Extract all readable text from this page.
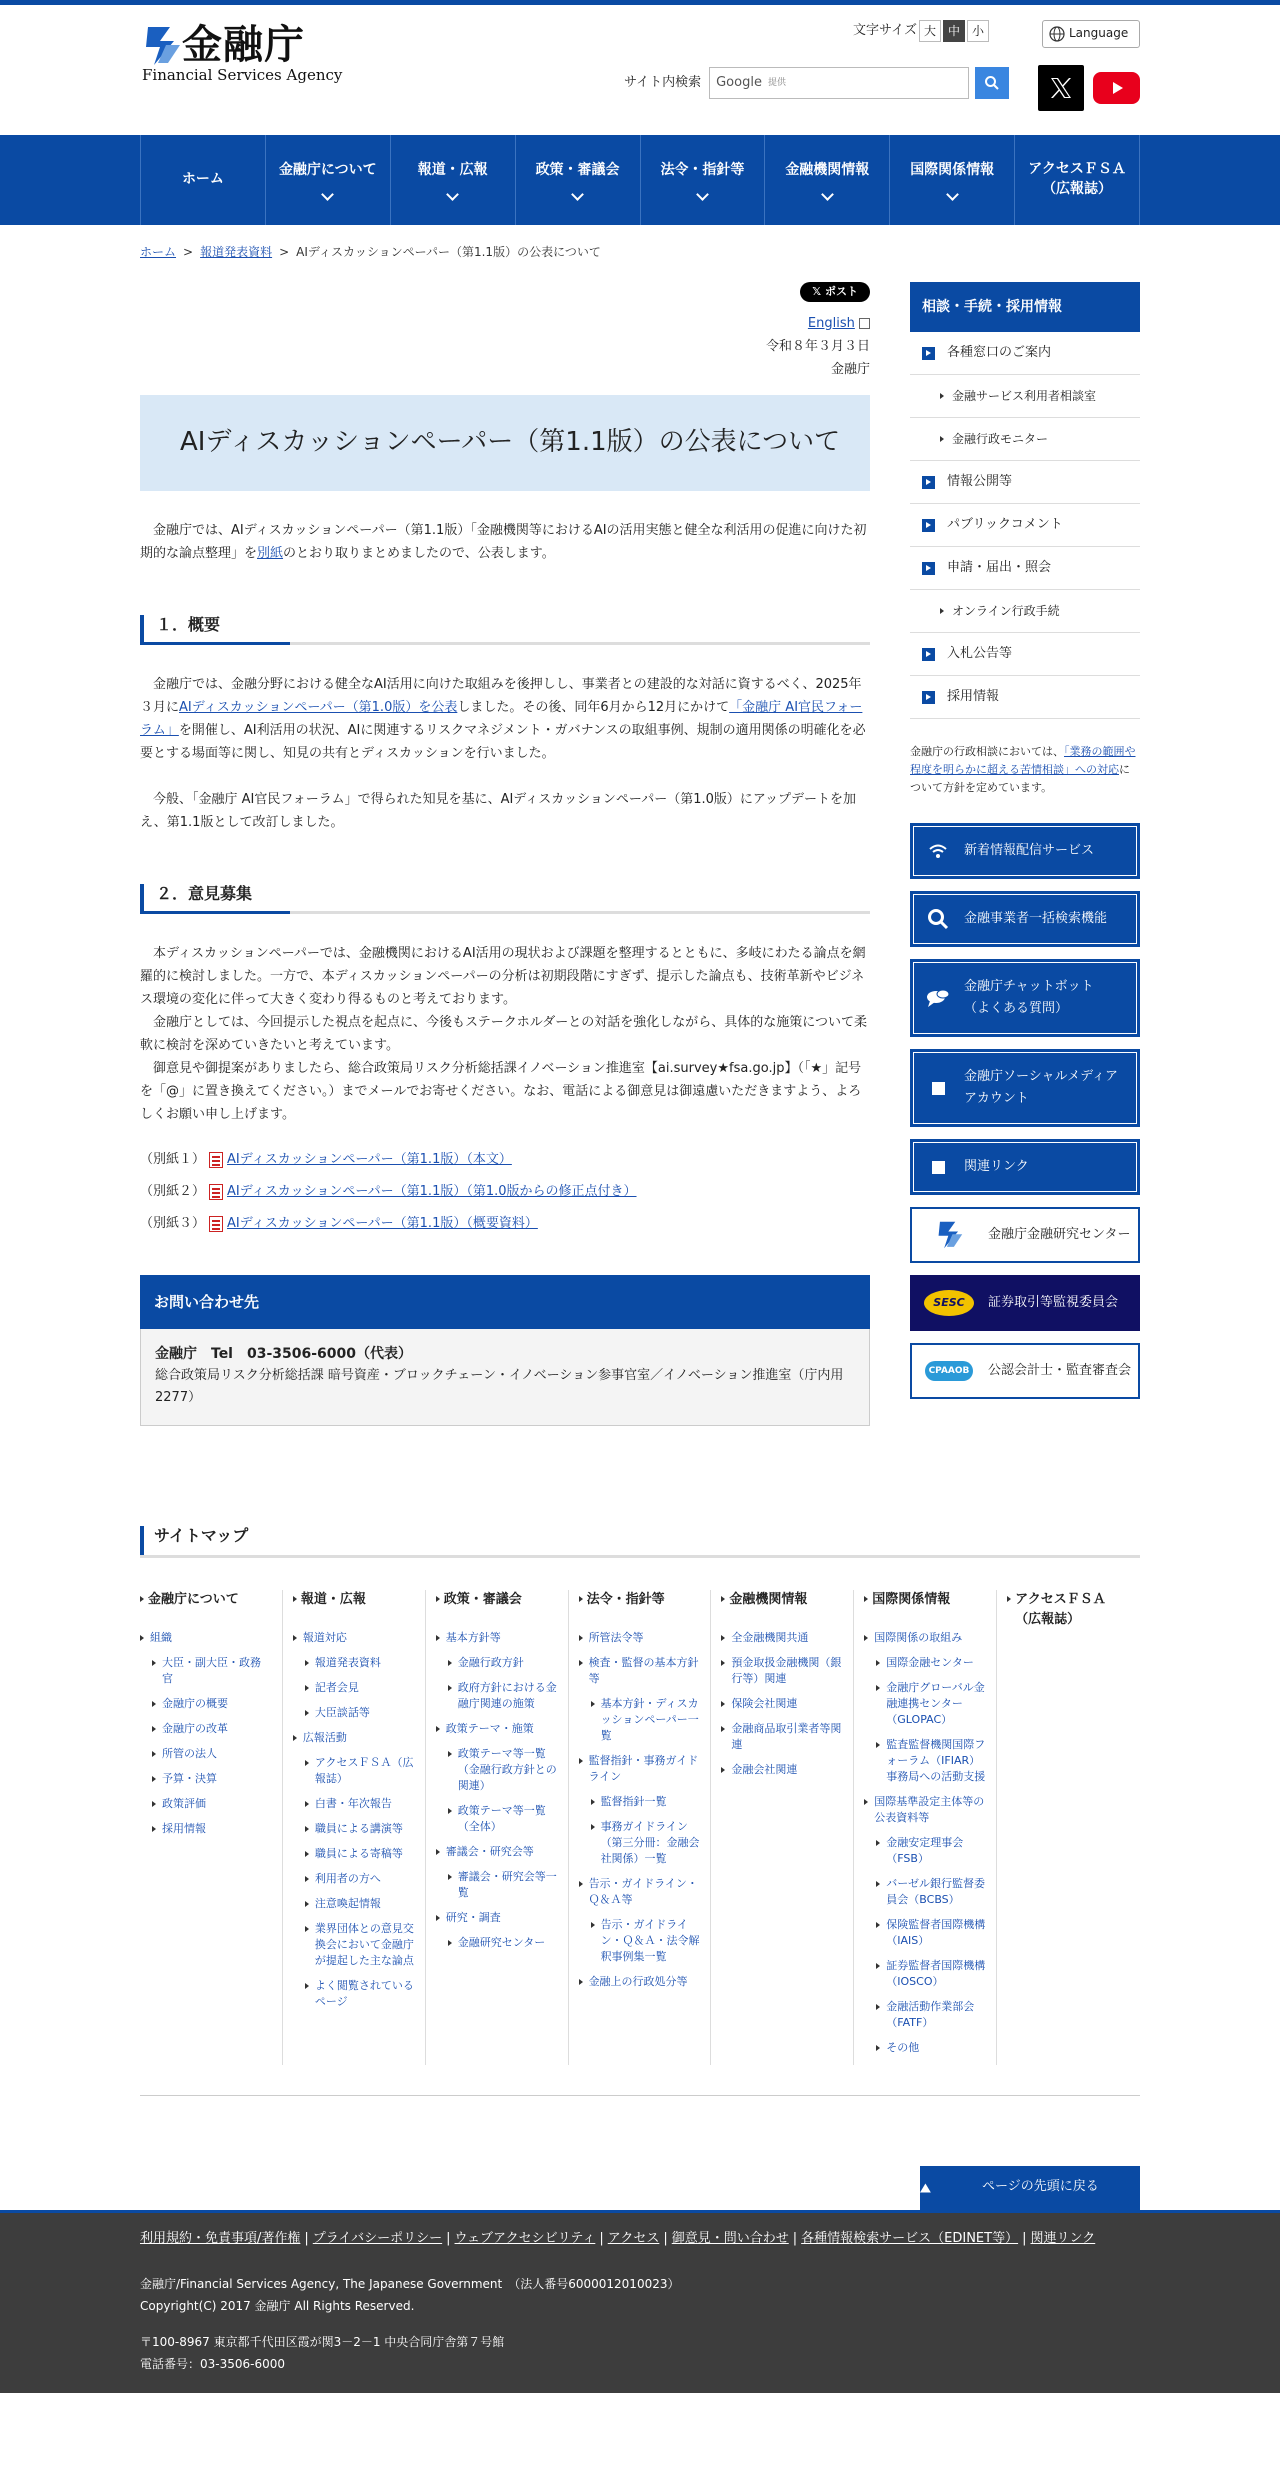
金融庁
Financial Services Agency
文字サイズ 大 中 小	Language
サイト内検索 Google 提供
ホーム
金融庁について	報道・広報	政策・審議会	法令・指針等	金融機関情報	国際関係情報 アクセスＦＳＡ
（広報誌）
ホーム > 報道発表資料 > AIディスカッションペーパー（第1.1版）の公表について
𝕏 ポスト
English
令和８年３月３日
金融庁
AIディスカッションペーパー（第1.1版）の公表について

金融庁では、AIディスカッションペーパー（第1.1版）「金融機関等におけるAIの活用実態と健全な利活用の促進に向けた初期的な論点整理」を別紙のとおり取りまとめましたので、公表します。

１．概要

金融庁では、金融分野における健全なAI活用に向けた取組みを後押しし、事業者との建設的な対話に資するべく、2025年３月にAIディスカッションペーパー（第1.0版）を公表しました。その後、同年6月から12月にかけて「金融庁 AI官民フォーラム」を開催し、AI利活用の状況、AIに関連するリスクマネジメント・ガバナンスの取組事例、規制の適用関係の明確化を必要とする場面等に関し、知見の共有とディスカッションを行いました。

今般、「金融庁 AI官民フォーラム」で得られた知見を基に、AIディスカッションペーパー（第1.0版）にアップデートを加え、第1.1版として改訂しました。

２．意見募集

本ディスカッションペーパーでは、金融機関におけるAI活用の現状および課題を整理するとともに、多岐にわたる論点を網羅的に検討しました。一方で、本ディスカッションペーパーの分析は初期段階にすぎず、提示した論点も、技術革新やビジネス環境の変化に伴って大きく変わり得るものと考えております。

金融庁としては、今回提示した視点を起点に、今後もステークホルダーとの対話を強化しながら、具体的な施策について柔軟に検討を深めていきたいと考えています。

御意見や御提案がありましたら、総合政策局リスク分析総括課イノベーション推進室【ai.survey★fsa.go.jp】（「★」記号を「@」に置き換えてください。）までメールでお寄せください。なお、電話による御意見は御遠慮いただきますよう、よろしくお願い申し上げます。

（別紙１） AIディスカッションペーパー（第1.1版）（本文）
（別紙２） AIディスカッションペーパー（第1.1版）（第1.0版からの修正点付き）
（別紙３） AIディスカッションペーパー（第1.1版）（概要資料）
お問い合わせ先
金融庁　Tel　03-3506-6000（代表）
総合政策局リスク分析総括課 暗号資産・ブロックチェーン・イノベーション参事官室／イノベーション推進室（庁内用2277）
相談・手続・採用情報
各種窓口のご案内
金融サービス利用者相談室
金融行政モニター
情報公開等
パブリックコメント
申請・届出・照会
オンライン行政手続
入札公告等
採用情報

金融庁の行政相談においては、「業務の範囲や程度を明らかに超える苦情相談」への対応について方針を定めています。

新着情報配信サービス
金融事業者一括検索機能
金融庁チャットボット
（よくある質問）
金融庁ソーシャルメディア
アカウント
関連リンク
金融庁金融研究センター
SESC	証券取引等監視委員会
CPAAOB	公認会計士・監査審査会
サイトマップ
金融庁について
組織
大臣・副大臣・政務官
金融庁の概要
金融庁の改革
所管の法人
予算・決算
政策評価
採用情報
報道・広報
報道対応
報道発表資料
記者会見
大臣談話等
広報活動
アクセスＦＳＡ（広報誌）
白書・年次報告
職員による講演等
職員による寄稿等
利用者の方へ
注意喚起情報
業界団体との意見交換会において金融庁が提起した主な論点
よく閲覧されているページ
政策・審議会
基本方針等
金融行政方針
政府方針における金融庁関連の施策
政策テーマ・施策
政策テーマ等一覧（金融行政方針との関連）
政策テーマ等一覧（全体）
審議会・研究会等
審議会・研究会等一覧
研究・調査
金融研究センター
法令・指針等
所管法令等
検査・監督の基本方針等
基本方針・ディスカッションペーパー一覧
監督指針・事務ガイドライン
監督指針一覧
事務ガイドライン（第三分冊：金融会社関係）一覧
告示・ガイドライン・Ｑ＆Ａ等
告示・ガイドライン・Ｑ＆Ａ・法令解釈事例集一覧
金融上の行政処分等
金融機関情報
全金融機関共通
預金取扱金融機関（銀行等）関連
保険会社関連
金融商品取引業者等関連
金融会社関連
国際関係情報
国際関係の取組み
国際金融センター
金融庁グローバル金融連携センター（GLOPAC）
監査監督機関国際フォーラム（IFIAR）事務局への活動支援
国際基準設定主体等の公表資料等
金融安定理事会（FSB）
バーゼル銀行監督委員会（BCBS）
保険監督者国際機構（IAIS）
証券監督者国際機構（IOSCO）
金融活動作業部会（FATF）
その他
アクセスＦＳＡ（広報誌）
ページの先頭に戻る
利用規約・免責事項/著作権 | プライバシーポリシー | ウェブアクセシビリティ | アクセス | 御意見・問い合わせ | 各種情報検索サービス（EDINET等） | 関連リンク
金融庁/Financial Services Agency, The Japanese Government　（法人番号6000012010023）
Copyright(C) 2017 金融庁 All Rights Reserved.
〒100-8967 東京都千代田区霞が関3－2－1 中央合同庁舎第７号館
電話番号：03-3506-6000
